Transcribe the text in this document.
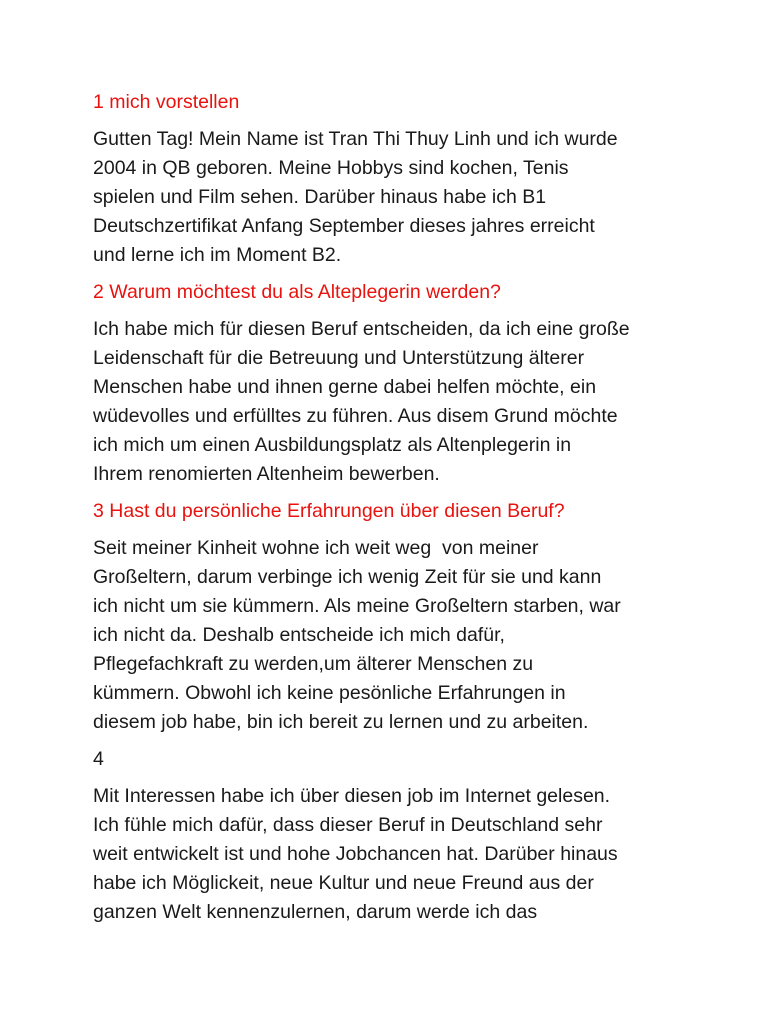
1 mich vorstellen
Gutten Tag! Mein Name ist Tran Thi Thuy Linh und ich wurde
2004 in QB geboren. Meine Hobbys sind kochen, Tenis
spielen und Film sehen. Darüber hinaus habe ich B1
Deutschzertifikat Anfang September dieses jahres erreicht
und lerne ich im Moment B2.
2 Warum möchtest du als Alteplegerin werden?
Ich habe mich für diesen Beruf entscheiden, da ich eine große
Leidenschaft für die Betreuung und Unterstützung älterer
Menschen habe und ihnen gerne dabei helfen möchte, ein
wüdevolles und erfülltes zu führen. Aus disem Grund möchte
ich mich um einen Ausbildungsplatz als Altenplegerin in
Ihrem renomierten Altenheim bewerben.
3 Hast du persönliche Erfahrungen über diesen Beruf?
Seit meiner Kinheit wohne ich weit weg  von meiner
Großeltern, darum verbinge ich wenig Zeit für sie und kann
ich nicht um sie kümmern. Als meine Großeltern starben, war
ich nicht da. Deshalb entscheide ich mich dafür,
Pflegefachkraft zu werden,um älterer Menschen zu
kümmern. Obwohl ich keine pesönliche Erfahrungen in
diesem job habe, bin ich bereit zu lernen und zu arbeiten.
4
Mit Interessen habe ich über diesen job im Internet gelesen.
Ich fühle mich dafür, dass dieser Beruf in Deutschland sehr
weit entwickelt ist und hohe Jobchancen hat. Darüber hinaus
habe ich Möglickeit, neue Kultur und neue Freund aus der
ganzen Welt kennenzulernen, darum werde ich das
